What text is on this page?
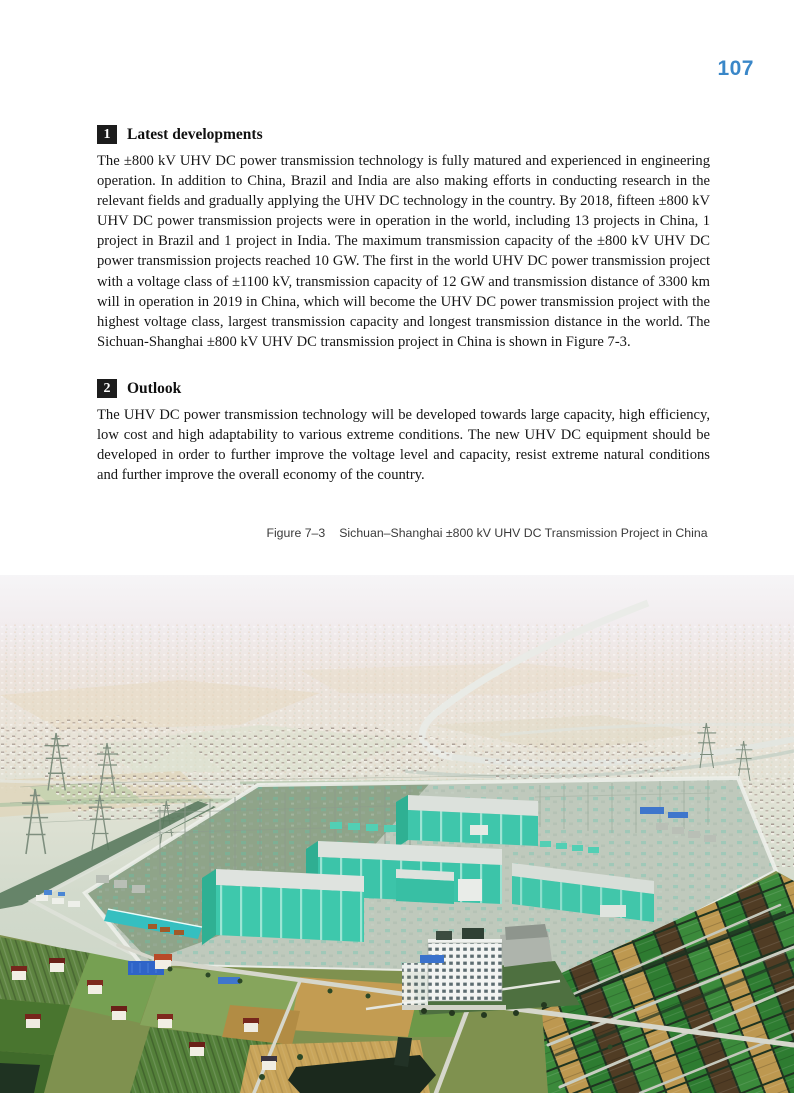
107
1	Latest developments

The ±800 kV UHV DC power transmission technology is fully matured and experienced in engineering operation. In addition to China, Brazil and India are also making efforts in conducting research in the relevant fields and gradually applying the UHV DC technology in the country. By 2018, fifteen ±800 kV UHV DC power transmission projects were in operation in the world, including 13 projects in China, 1 project in Brazil and 1 project in India. The maximum transmission capacity of the ±800 kV UHV DC power transmission projects reached 10 GW. The first in the world UHV DC power transmission project with a voltage class of ±1100 kV, transmission capacity of 12 GW and transmission distance of 3300 km will in operation in 2019 in China, which will become the UHV DC power transmission project with the highest voltage class, largest transmission capacity and longest transmission distance in the world. The Sichuan-Shanghai ±800 kV UHV DC transmission project in China is shown in Figure 7-3.

2	Outlook

The UHV DC power transmission technology will be developed towards large capacity, high efficiency, low cost and high adaptability to various extreme conditions. The new UHV DC equipment should be developed in order to further improve the voltage level and capacity, resist extreme natural conditions and further improve the overall economy of the country.

Figure 7–3 Sichuan–Shanghai ±800 kV UHV DC Transmission Project in China
